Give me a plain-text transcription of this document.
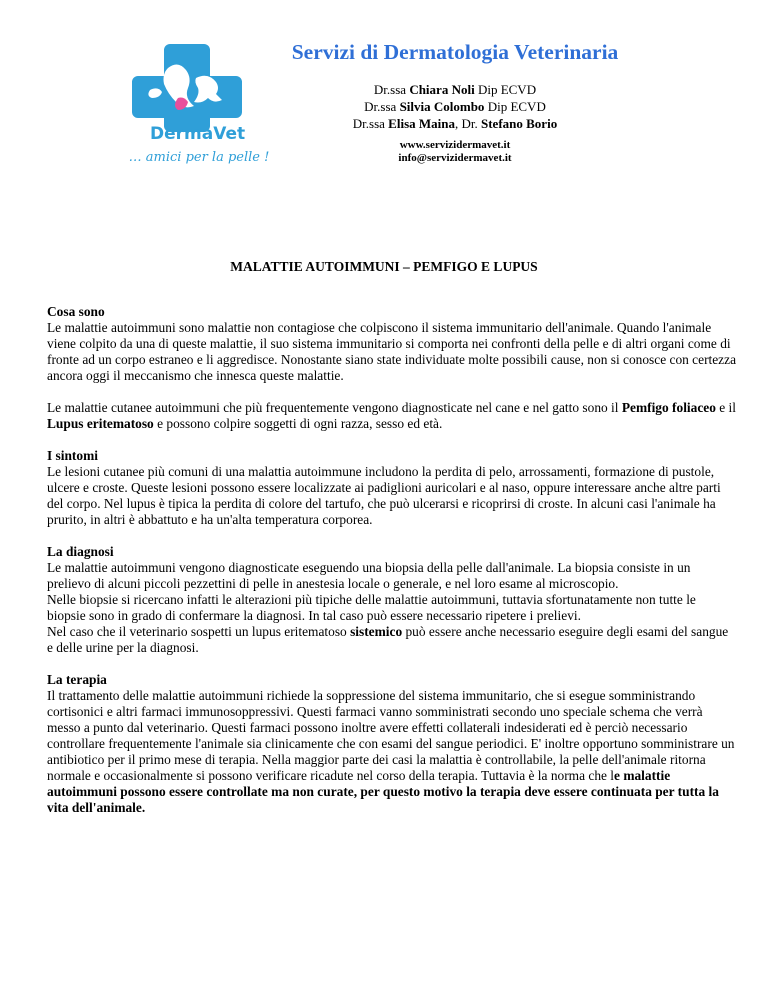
DermaVet
… amici per la pelle !
Servizi di Dermatologia Veterinaria
Dr.ssa Chiara Noli Dip ECVD
Dr.ssa Silvia Colombo Dip ECVD
Dr.ssa Elisa Maina, Dr. Stefano Borio
www.servizidermavet.it
info@servizidermavet.it
MALATTIE AUTOIMMUNI – PEMFIGO E LUPUS

Cosa sono
Le malattie autoimmuni sono malattie non contagiose che colpiscono il sistema immunitario dell'animale. Quando l'animale viene colpito da una di queste malattie, il suo sistema immunitario si comporta nei confronti della pelle e di altri organi come di fronte ad un corpo estraneo e li aggredisce. Nonostante siano state individuate molte possibili cause, non si conosce con certezza ancora oggi il meccanismo che innesca queste malattie.

Le malattie cutanee autoimmuni che più frequentemente vengono diagnosticate nel cane e nel gatto sono il Pemfigo foliaceo e il Lupus eritematoso e possono colpire soggetti di ogni razza, sesso ed età.

I sintomi
Le lesioni cutanee più comuni di una malattia autoimmune includono la perdita di pelo, arrossamenti, formazione di pustole, ulcere e croste. Queste lesioni possono essere localizzate ai padiglioni auricolari e al naso, oppure interessare anche altre parti del corpo. Nel lupus è tipica la perdita di colore del tartufo, che può ulcerarsi e ricoprirsi di croste. In alcuni casi l'animale ha prurito, in altri è abbattuto e ha un'alta temperatura corporea.

La diagnosi
Le malattie autoimmuni vengono diagnosticate eseguendo una biopsia della pelle dall'animale. La biopsia consiste in un prelievo di alcuni piccoli pezzettini di pelle in anestesia locale o generale, e nel loro esame al microscopio.
Nelle biopsie si ricercano infatti le alterazioni più tipiche delle malattie autoimmuni, tuttavia sfortunatamente non tutte le biopsie sono in grado di confermare la diagnosi. In tal caso può essere necessario ripetere i prelievi.
Nel caso che il veterinario sospetti un lupus eritematoso sistemico può essere anche necessario eseguire degli esami del sangue e delle urine per la diagnosi.

La terapia
Il trattamento delle malattie autoimmuni richiede la soppressione del sistema immunitario, che si esegue somministrando cortisonici e altri farmaci immunosoppressivi. Questi farmaci vanno somministrati secondo uno speciale schema che verrà messo a punto dal veterinario. Questi farmaci possono inoltre avere effetti collaterali indesiderati ed è perciò necessario controllare frequentemente l'animale sia clinicamente che con esami del sangue periodici. E' inoltre opportuno somministrare un antibiotico per il primo mese di terapia. Nella maggior parte dei casi la malattia è controllabile, la pelle dell'animale ritorna normale e occasionalmente si possono verificare ricadute nel corso della terapia. Tuttavia è la norma che le malattie autoimmuni possono essere controllate ma non curate, per questo motivo la terapia deve essere continuata per tutta la vita dell'animale.
